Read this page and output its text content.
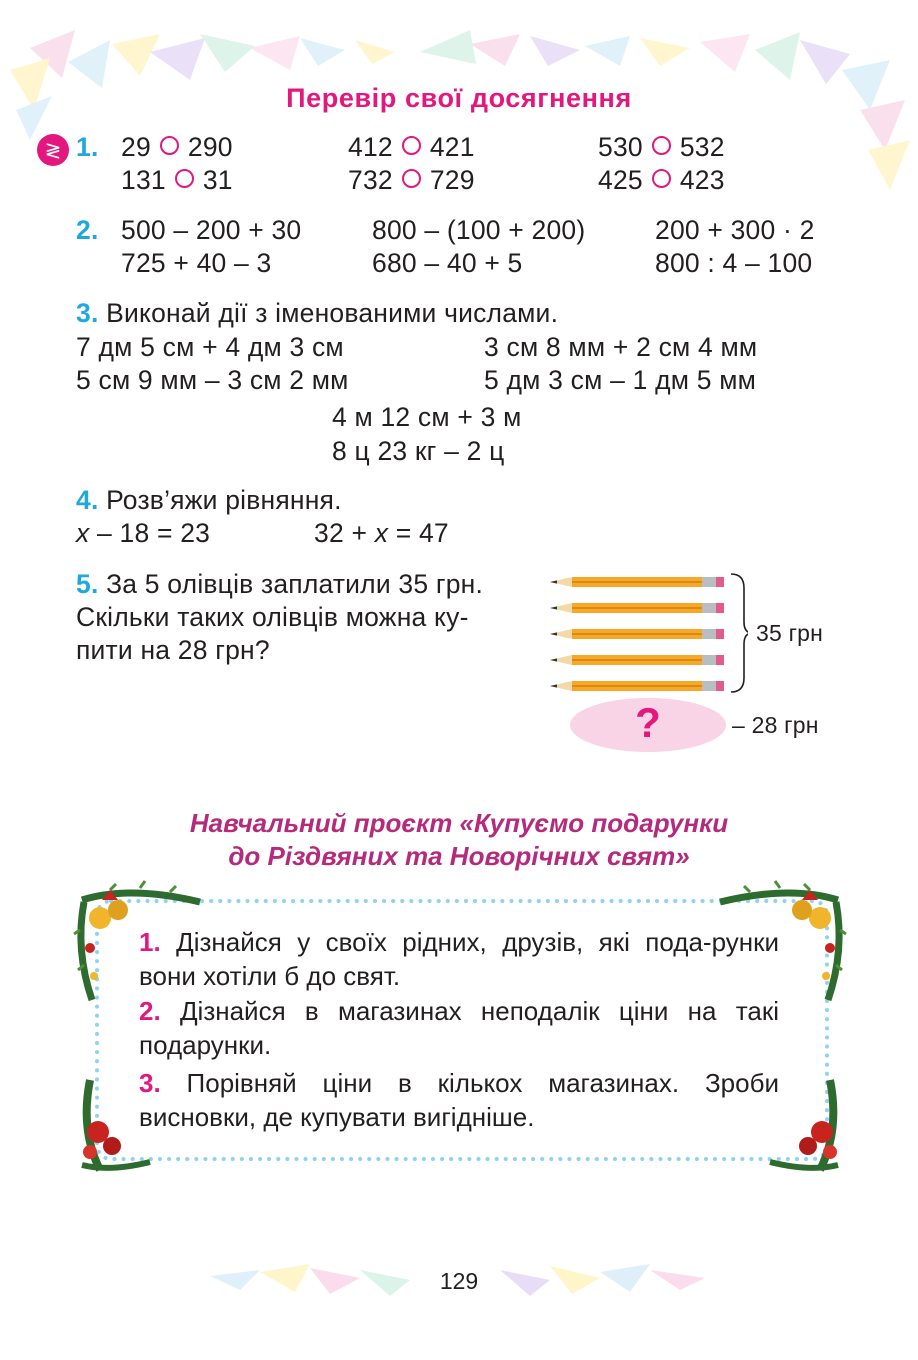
Перевір свої досягнення
≷ 1. 29 290	412 421	530 532
131 31	732 729	425 423
2. 500 – 200 + 30	800 – (100 + 200)	200 + 300 · 2
725 + 40 – 3	680 – 40 + 5	800 : 4 – 100
3. Виконай дії з іменованими числами.
7 дм 5 см + 4 дм 3 см	3 см 8 мм + 2 см 4 мм
5 см 9 мм – 3 см 2 мм	5 дм 3 см – 1 дм 5 мм
4 м 12 см + 3 м
8 ц 23 кг – 2 ц
4. Розв’яжи рівняння.
x – 18 = 23	32 + x = 47
5. За 5 олівців заплатили 35 грн.
Скільки таких олівців можна ку-
пити на 28 грн?
35 грн
?	– 28 грн
Навчальний проєкт «Купуємо подарунки
до Різдвяних та Новорічних свят»
1. Дізнайся у своїх рідних, друзів, які пода-рунки вони хотіли б до свят.
2. Дізнайся в магазинах неподалік ціни на такі подарунки.
3. Порівняй ціни в кількох магазинах. Зроби висновки, де купувати вигідніше.
129
